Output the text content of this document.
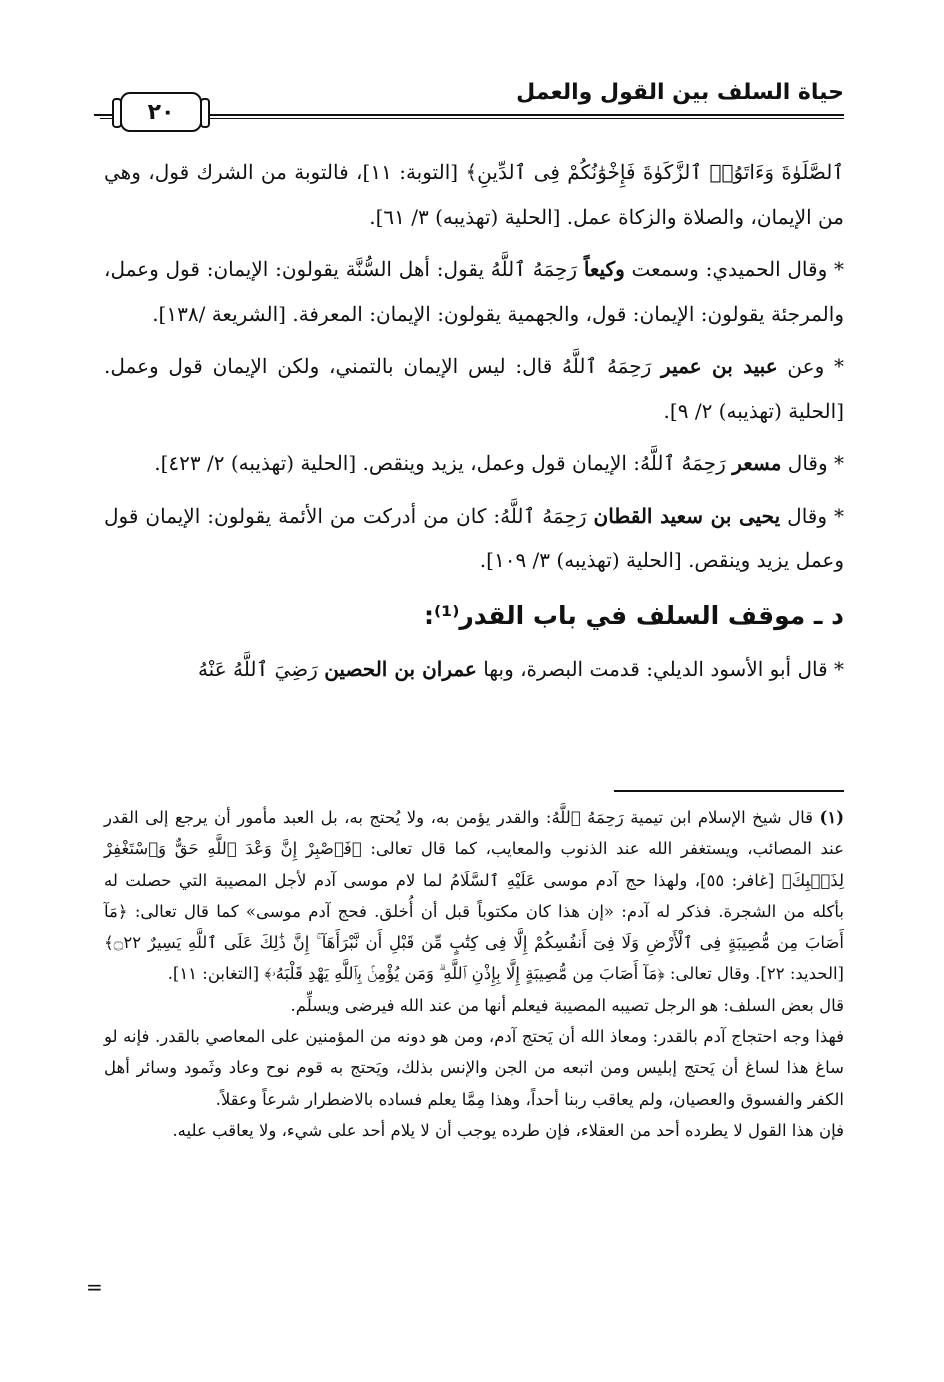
حياة السلف بين القول والعمل
٢٠

ٱلصَّلَوٰةَ وَءَاتَوُا۟ ٱلزَّكَوٰةَ فَإِخْوَٰنُكُمْ فِى ٱلدِّينِ﴾ [التوبة: ١١]، فالتوبة من الشرك قول، وهي من الإيمان، والصلاة والزكاة عمل. [الحلية (تهذيبه) ٣/ ٦١].

* وقال الحميدي: وسمعت وكيعاً رَحِمَهُ ٱللَّهُ يقول: أهل السُّنَّة يقولون: الإيمان: قول وعمل، والمرجئة يقولون: الإيمان: قول، والجهمية يقولون: الإيمان: المعرفة. [الشريعة /١٣٨].

* وعن عبيد بن عمير رَحِمَهُ ٱللَّهُ قال: ليس الإيمان بالتمني، ولكن الإيمان قول وعمل. [الحلية (تهذيبه) ٢/ ٩].

* وقال مسعر رَحِمَهُ ٱللَّهُ: الإيمان قول وعمل، يزيد وينقص. [الحلية (تهذيبه) ٢/ ٤٢٣].

* وقال يحيى بن سعيد القطان رَحِمَهُ ٱللَّهُ: كان من أدركت من الأئمة يقولون: الإيمان قول وعمل يزيد وينقص. [الحلية (تهذيبه) ٣/ ١٠٩].

د ـ موقف السلف في باب القدر⁽¹⁾:

* قال أبو الأسود الديلي: قدمت البصرة، وبها عمران بن الحصين رَضِيَ ٱللَّهُ عَنْهُ

(١) قال شيخ الإسلام ابن تيمية رَحِمَهُ ٱللَّهُ: والقدر يؤمن به، ولا يُحتج به، بل العبد مأمور أن يرجع إلى القدر عند المصائب، ويستغفر الله عند الذنوب والمعايب، كما قال تعالى: ﴿فَٱصْبِرْ إِنَّ وَعْدَ ٱللَّهِ حَقٌّ وَٱسْتَغْفِرْ لِذَنۢبِكَ﴾ [غافر: ٥٥]، ولهذا حج آدم موسى عَلَيْهِ ٱلسَّلَامُ لما لام موسى آدم لأجل المصيبة التي حصلت له بأكله من الشجرة. فذكر له آدم: «إن هذا كان مكتوباً قبل أن أُخلق. فحج آدم موسى» كما قال تعالى: ﴿مَآ أَصَابَ مِن مُّصِيبَةٍ فِى ٱلْأَرْضِ وَلَا فِىٓ أَنفُسِكُمْ إِلَّا فِى كِتَٰبٍ مِّن قَبْلِ أَن نَّبْرَأَهَآ ۚ إِنَّ ذَٰلِكَ عَلَى ٱللَّهِ يَسِيرٌ ۝٢٢﴾ [الحديد: ٢٢]. وقال تعالى: ﴿مَآ أَصَابَ مِن مُّصِيبَةٍ إِلَّا بِإِذْنِ ٱللَّهِ ۗ وَمَن يُؤْمِنۢ بِٱللَّهِ يَهْدِ قَلْبَهُۥ﴾ [التغابن: ١١].

قال بعض السلف: هو الرجل تصيبه المصيبة فيعلم أنها من عند الله فيرضى ويسلِّم.

فهذا وجه احتجاج آدم بالقدر: ومعاذ الله أن يَحتج آدم، ومن هو دونه من المؤمنين على المعاصي بالقدر. فإنه لو ساغ هذا لساغ أن يَحتج إبليس ومن اتبعه من الجن والإنس بذلك، ويَحتج به قوم نوح وعاد وثَمود وسائر أهل الكفر والفسوق والعصيان، ولم يعاقب ربنا أحداً، وهذا مِمَّا يعلم فساده بالاضطرار شرعاً وعقلاً.

فإن هذا القول لا يطرده أحد من العقلاء، فإن طرده يوجب أن لا يلام أحد على شيء، ولا يعاقب عليه.

=
